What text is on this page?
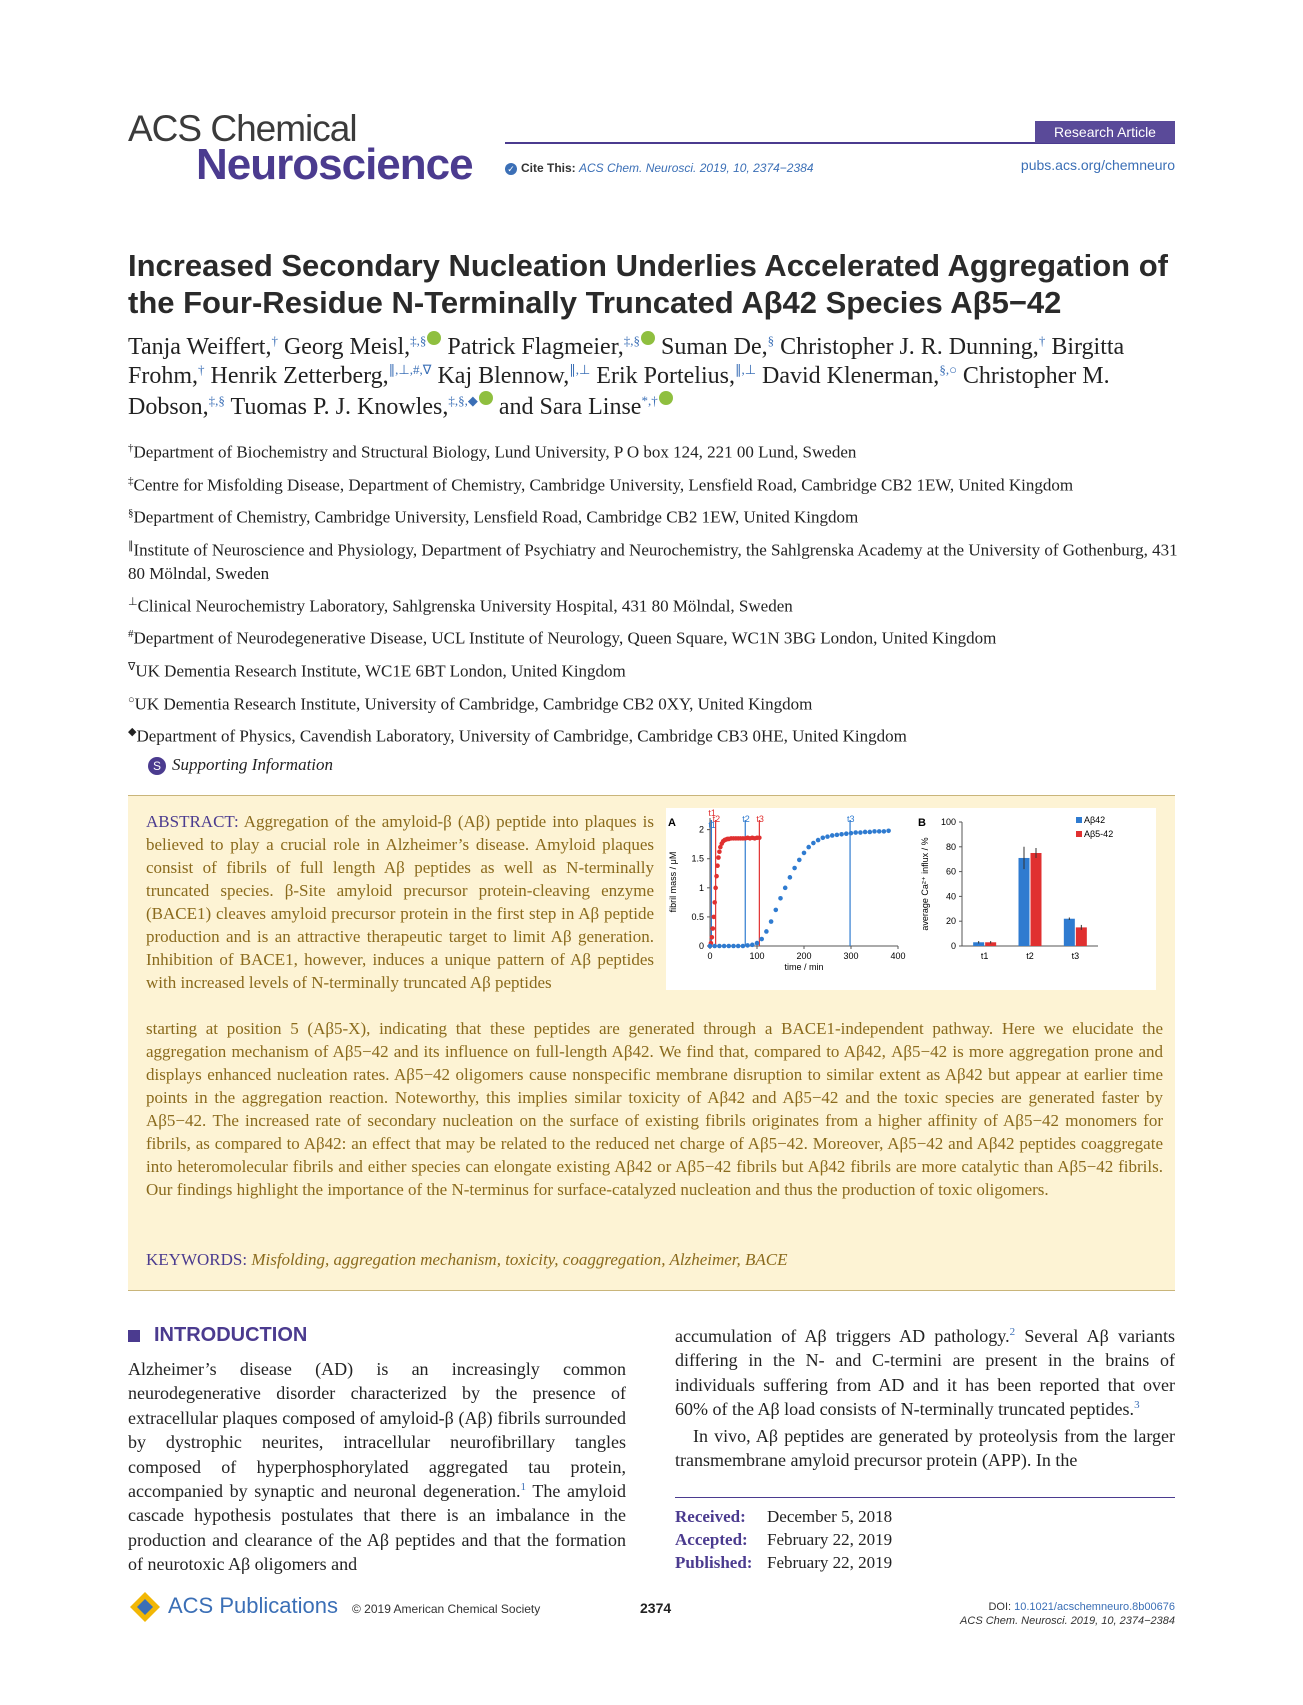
ACS Chemical
Neuroscience
Research Article
✓ Cite This: ACS Chem. Neurosci. 2019, 10, 2374−2384	pubs.acs.org/chemneuro
Increased Secondary Nucleation Underlies Accelerated Aggregation of the Four-Residue N-Terminally Truncated Aβ42 Species Aβ5−42
Tanja Weiffert,† Georg Meisl,‡,§ Patrick Flagmeier,‡,§ Suman De,§ Christopher J. R. Dunning,† Birgitta Frohm,† Henrik Zetterberg,∥,⊥,#,∇ Kaj Blennow,∥,⊥ Erik Portelius,∥,⊥ David Klenerman,§,○ Christopher M. Dobson,‡,§ Tuomas P. J. Knowles,‡,§,◆ and Sara Linse*,†
†Department of Biochemistry and Structural Biology, Lund University, P O box 124, 221 00 Lund, Sweden
‡Centre for Misfolding Disease, Department of Chemistry, Cambridge University, Lensfield Road, Cambridge CB2 1EW, United Kingdom
§Department of Chemistry, Cambridge University, Lensfield Road, Cambridge CB2 1EW, United Kingdom
∥Institute of Neuroscience and Physiology, Department of Psychiatry and Neurochemistry, the Sahlgrenska Academy at the University of Gothenburg, 431 80 Mölndal, Sweden
⊥Clinical Neurochemistry Laboratory, Sahlgrenska University Hospital, 431 80 Mölndal, Sweden
#Department of Neurodegenerative Disease, UCL Institute of Neurology, Queen Square, WC1N 3BG London, United Kingdom
∇UK Dementia Research Institute, WC1E 6BT London, United Kingdom
○UK Dementia Research Institute, University of Cambridge, Cambridge CB2 0XY, United Kingdom
◆Department of Physics, Cavendish Laboratory, University of Cambridge, Cambridge CB3 0HE, United Kingdom
S Supporting Information
ABSTRACT: Aggregation of the amyloid-β (Aβ) peptide into plaques is believed to play a crucial role in Alzheimer’s disease. Amyloid plaques consist of fibrils of full length Aβ peptides as well as N-terminally truncated species. β-Site amyloid precursor protein-cleaving enzyme (BACE1) cleaves amyloid precursor protein in the first step in Aβ peptide production and is an attractive therapeutic target to limit Aβ generation. Inhibition of BACE1, however, induces a unique pattern of Aβ peptides with increased levels of N-terminally truncated Aβ peptides
starting at position 5 (Aβ5-X), indicating that these peptides are generated through a BACE1-independent pathway. Here we elucidate the aggregation mechanism of Aβ5−42 and its influence on full-length Aβ42. We find that, compared to Aβ42, Aβ5−42 is more aggregation prone and displays enhanced nucleation rates. Aβ5−42 oligomers cause nonspecific membrane disruption to similar extent as Aβ42 but appear at earlier time points in the aggregation reaction. Noteworthy, this implies similar toxicity of Aβ42 and Aβ5−42 and the toxic species are generated faster by Aβ5−42. The increased rate of secondary nucleation on the surface of existing fibrils originates from a higher affinity of Aβ5−42 monomers for fibrils, as compared to Aβ42: an effect that may be related to the reduced net charge of Aβ5−42. Moreover, Aβ5−42 and Aβ42 peptides coaggregate into heteromolecular fibrils and either species can elongate existing Aβ42 or Aβ5−42 fibrils but Aβ42 fibrils are more catalytic than Aβ5−42 fibrils. Our findings highlight the importance of the N-terminus for surface-catalyzed nucleation and thus the production of toxic oligomers.
KEYWORDS: Misfolding, aggregation mechanism, toxicity, coaggregation, Alzheimer, BACE
A
0
0.5
1
1.5
2
0	100	200	300	400
time / min
fibril mass / μM
t1
t1
t2 t2 t3	t3	B
0
20
40
60
80
100
average Ca²⁺ influx / %
t1	t2	t3
Aβ42
Aβ5-42
INTRODUCTION
Alzheimer’s disease (AD) is an increasingly common neurodegenerative disorder characterized by the presence of extracellular plaques composed of amyloid-β (Aβ) fibrils surrounded by dystrophic neurites, intracellular neurofibrillary tangles composed of hyperphosphorylated aggregated tau protein, accompanied by synaptic and neuronal degeneration.$^1$ The amyloid cascade hypothesis postulates that there is an imbalance in the production and clearance of the Aβ peptides and that the formation of neurotoxic Aβ oligomers and
accumulation of Aβ triggers AD pathology.$^2$ Several Aβ variants differing in the N- and C-termini are present in the brains of individuals suffering from AD and it has been reported that over 60% of the Aβ load consists of N-terminally truncated peptides.$^3$
In vivo, Aβ peptides are generated by proteolysis from the larger transmembrane amyloid precursor protein (APP). In the
Received: December 5, 2018
Accepted: February 22, 2019
Published: February 22, 2019
ACS Publications © 2019 American Chemical Society	2374	DOI: 10.1021/acschemneuro.8b00676
ACS Chem. Neurosci. 2019, 10, 2374−2384
